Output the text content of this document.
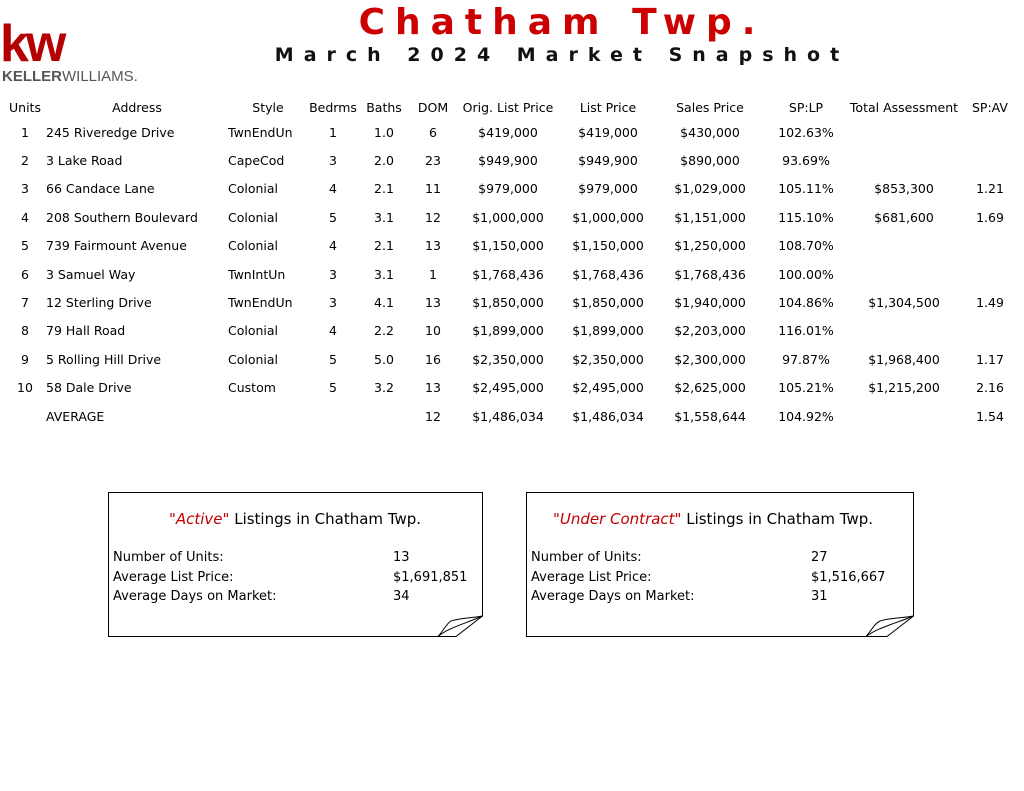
kw
KELLERWILLIAMS.
Chatham Twp.
March 2024 Market Snapshot
Units	Address	Style	Bedrms	Baths	DOM	Orig. List Price	List Price	Sales Price	SP:LP	Total Assessment	SP:AV
1	245 Riveredge Drive	TwnEndUn	1	1.0	6	$419,000	$419,000	$430,000	102.63%		
2	3 Lake Road	CapeCod	3	2.0	23	$949,900	$949,900	$890,000	93.69%		
3	66 Candace Lane	Colonial	4	2.1	11	$979,000	$979,000	$1,029,000	105.11%	$853,300	1.21
4	208 Southern Boulevard	Colonial	5	3.1	12	$1,000,000	$1,000,000	$1,151,000	115.10%	$681,600	1.69
5	739 Fairmount Avenue	Colonial	4	2.1	13	$1,150,000	$1,150,000	$1,250,000	108.70%		
6	3 Samuel Way	TwnIntUn	3	3.1	1	$1,768,436	$1,768,436	$1,768,436	100.00%		
7	12 Sterling Drive	TwnEndUn	3	4.1	13	$1,850,000	$1,850,000	$1,940,000	104.86%	$1,304,500	1.49
8	79 Hall Road	Colonial	4	2.2	10	$1,899,000	$1,899,000	$2,203,000	116.01%		
9	5 Rolling Hill Drive	Colonial	5	5.0	16	$2,350,000	$2,350,000	$2,300,000	97.87%	$1,968,400	1.17
10	58 Dale Drive	Custom	5	3.2	13	$2,495,000	$2,495,000	$2,625,000	105.21%	$1,215,200	2.16
	AVERAGE				12	$1,486,034	$1,486,034	$1,558,644	104.92%		1.54
"Active" Listings in Chatham Twp.
Number of Units:	13
Average List Price:	$1,691,851
Average Days on Market:	34
"Under Contract" Listings in Chatham Twp.
Number of Units:	27
Average List Price:	$1,516,667
Average Days on Market:	31
